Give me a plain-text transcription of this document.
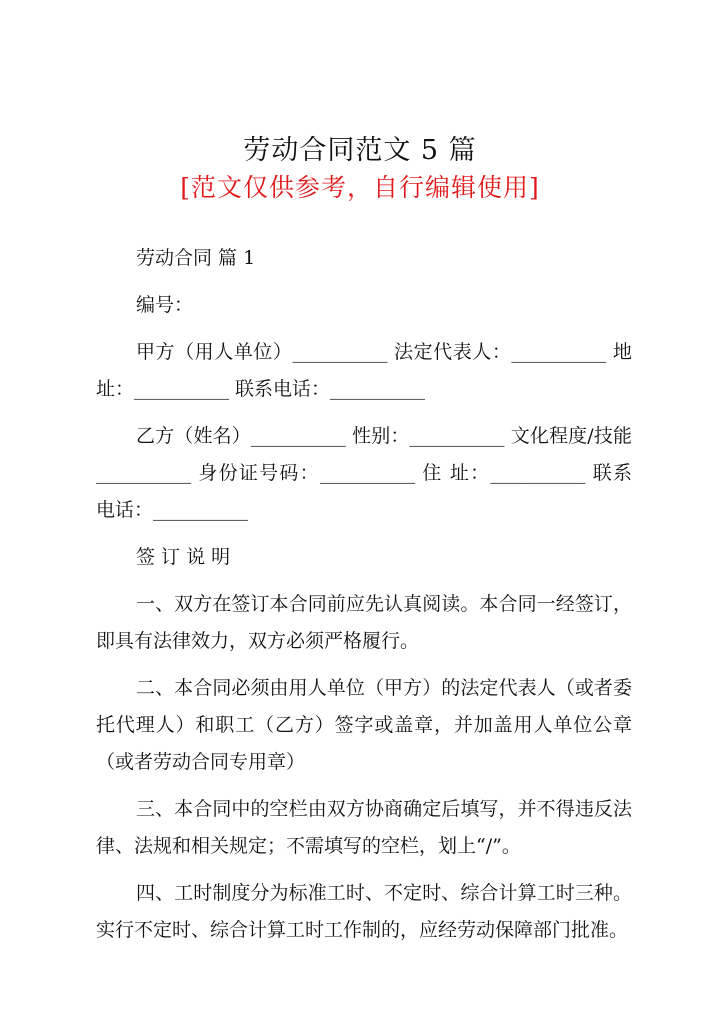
劳动合同范文 5 篇
[范文仅供参考，自行编辑使用]

劳动合同 篇 1

编号：

甲方（用人单位）__________ 法定代表人：__________ 地址：__________ 联系电话：__________

乙方（姓名）__________ 性别：__________ 文化程度/技能 __________ 身份证号码：__________ 住 址：__________ 联系电话：__________

签 订 说 明

一、双方在签订本合同前应先认真阅读。本合同一经签订，即具有法律效力，双方必须严格履行。

二、本合同必须由用人单位（甲方）的法定代表人（或者委托代理人）和职工（乙方）签字或盖章，并加盖用人单位公章（或者劳动合同专用章）

三、本合同中的空栏由双方协商确定后填写，并不得违反法律、法规和相关规定；不需填写的空栏，划上“/”。

四、工时制度分为标准工时、不定时、综合计算工时三种。实行不定时、综合计算工时工作制的，应经劳动保障部门批准。
